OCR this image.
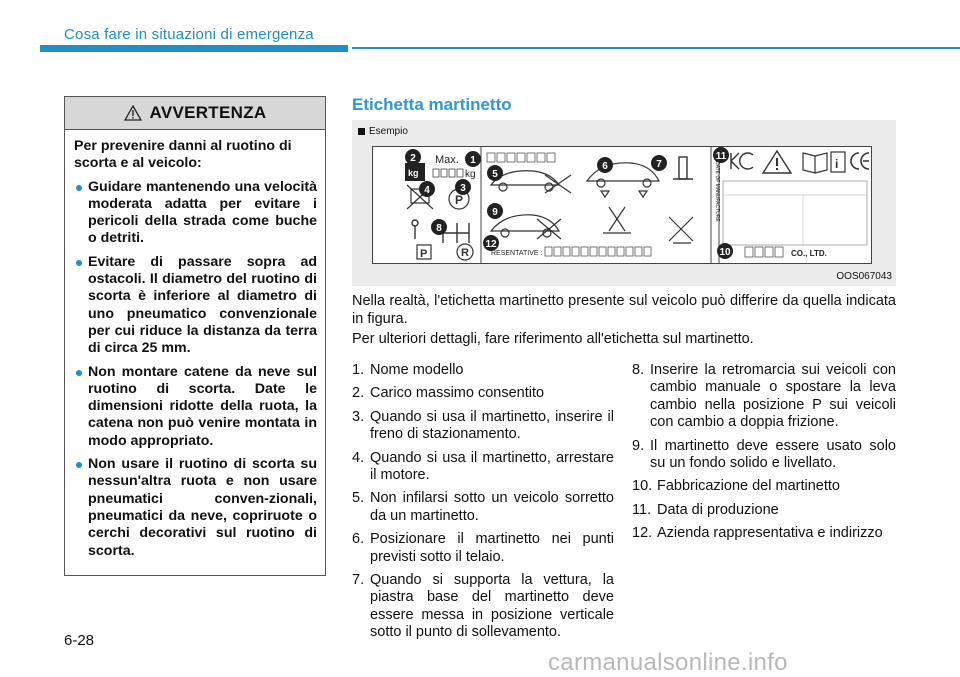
Cosa fare in situazioni di emergenza
AVVERTENZA

Per prevenire danni al ruotino di scorta e al veicolo:

Guidare mantenendo una velocità moderata adatta per evitare i pericoli della strada come buche o detriti.
Evitare di passare sopra ad ostacoli. Il diametro del ruotino di scorta è inferiore al diametro di uno pneumatico convenzionale per cui riduce la distanza da terra di circa 25 mm.
Non montare catene da neve sul ruotino di scorta. Date le dimensioni ridotte della ruota, la catena non può venire montata in modo appropriato.
Non usare il ruotino di scorta su nessun'altra ruota e non usare pneumatici conven-zionali, pneumatici da neve, copriruote o cerchi decorativi sul ruotino di scorta.
Etichetta martinetto
Esempio
kg
Max.
kg
P
P	R	RESENTATIVE :
DATE OF MANUFACTURE	i
CO., LTD.
1
2
3
4
5
6	7
8
9
10
11
12
OOS067043

Nella realtà, l'etichetta martinetto presente sul veicolo può differire da quella indicata in figura.

Per ulteriori dettagli, fare riferimento all'etichetta sul martinetto.

1. Nome modello
2. Carico massimo consentito
3. Quando si usa il martinetto, inserire il freno di stazionamento.
4. Quando si usa il martinetto, arrestare il motore.
5. Non infilarsi sotto un veicolo sorretto da un martinetto.
6. Posizionare il martinetto nei punti previsti sotto il telaio.
7. Quando si supporta la vettura, la piastra base del martinetto deve essere messa in posizione verticale sotto il punto di sollevamento.
8. Inserire la retromarcia sui veicoli con cambio manuale o spostare la leva cambio nella posizione P sui veicoli con cambio a doppia frizione.
9. Il martinetto deve essere usato solo su un fondo solido e livellato.
10. Fabbricazione del martinetto
11. Data di produzione
12. Azienda rappresentativa e indirizzo
6-28
carmanualsonline.info
